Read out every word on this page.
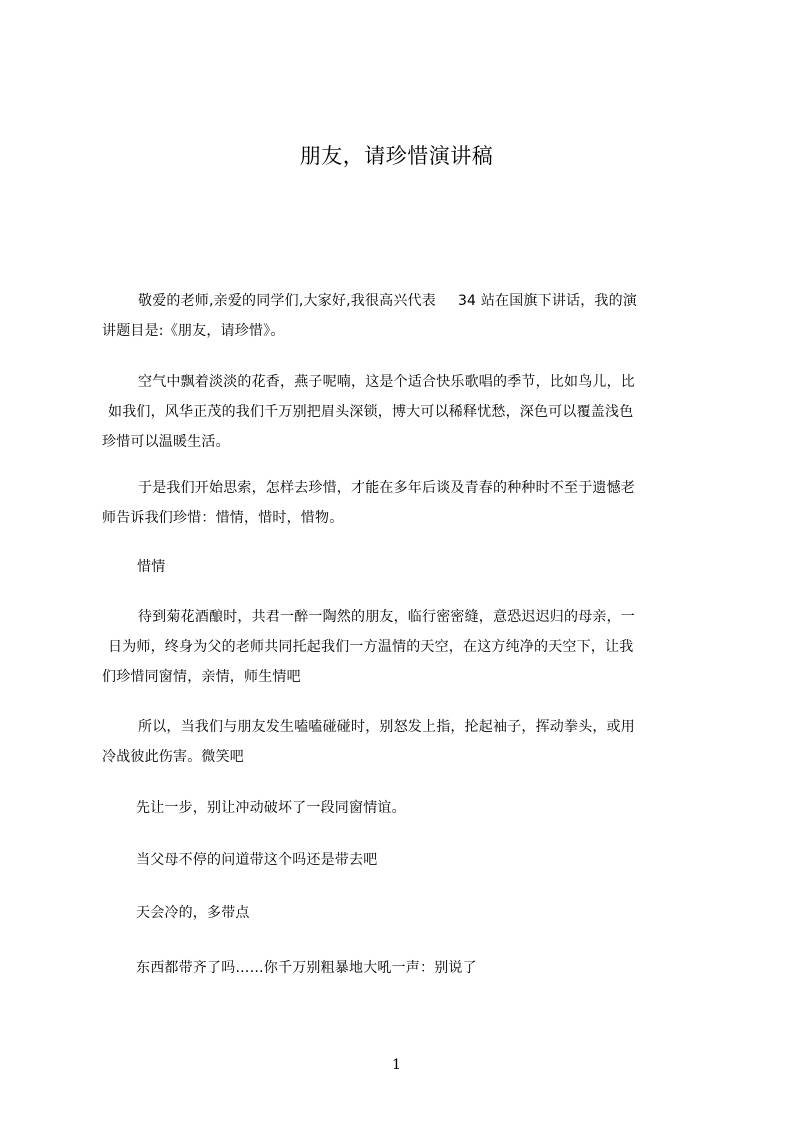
朋友，请珍惜演讲稿
敬爱的老师,亲爱的同学们,大家好,我很高兴代表 34 站在国旗下讲话，我的演
讲题目是:《朋友，请珍惜》。
空气中飘着淡淡的花香，燕子呢喃，这是个适合快乐歌唱的季节，比如鸟儿，比
如我们，风华正茂的我们千万别把眉头深锁，博大可以稀释忧愁，深色可以覆盖浅色
珍惜可以温暖生活。
于是我们开始思索，怎样去珍惜，才能在多年后谈及青春的种种时不至于遗憾老
师告诉我们珍惜：惜情，惜时，惜物。
惜情
待到菊花酒酿时，共君一醉一陶然的朋友，临行密密缝，意恐迟迟归的母亲，一
日为师，终身为父的老师共同托起我们一方温情的天空，在这方纯净的天空下，让我
们珍惜同窗情，亲情，师生情吧
所以，当我们与朋友发生嗑嗑碰碰时，别怒发上指，抡起袖子，挥动拳头，或用
冷战彼此伤害。微笑吧
先让一步，别让冲动破坏了一段同窗情谊。
当父母不停的问道带这个吗还是带去吧
天会冷的，多带点
东西都带齐了吗……你千万别粗暴地大吼一声：别说了
1
